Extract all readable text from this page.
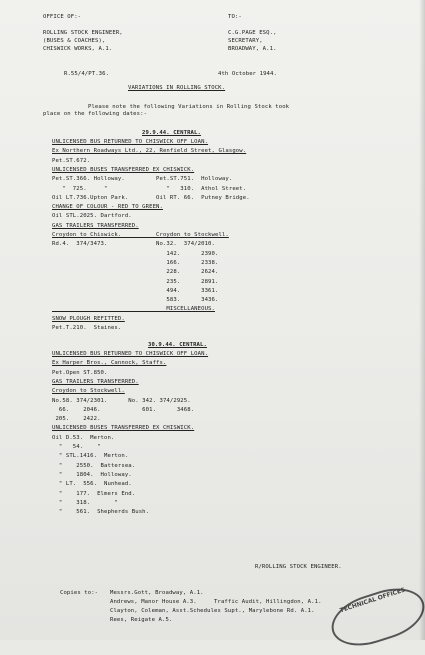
OFFICE OF:-	TO:-
ROLLING STOCK ENGINEER,
(BUSES & COACHES),
CHISWICK WORKS, A.1.
C.G.PAGE ESQ.,
SECRETARY,
BROADWAY, A.1.
R.55/4/PT.36.	4th October 1944.
VARIATIONS IN ROLLING STOCK.
Please note the following Variations in Rolling Stock took
place on the following dates:-
29.9.44. CENTRAL.
UNLICENSED BUS RETURNED TO CHISWICK OFF LOAN.
Ex Northern Roadways Ltd., 22, Renfield Street, Glasgow.
Pet.ST.672.
UNLICENSED BUSES TRANSFERRED EX CHISWICK.
Pet.ST.366. Holloway.         Pet.ST.751.  Holloway.
"  725.     "                 "   310.  Athol Street.
Oil LT.736.Upton Park.        Oil RT. 66.  Putney Bridge.
CHANGE OF COLOUR - RED TO GREEN.
Oil STL.2025. Dartford.
GAS TRAILERS TRANSFERRED.
Croydon to Chiswick.          Croydon to Stockwell.
Rd.4.  374/3473.              No.32.  374/2010.
142.      2390.
166.      2338.
228.      2624.
235.      2891.
494.      3361.
583.      3436.
MISCELLANEOUS.
SNOW PLOUGH REFITTED.
Pet.T.210.  Staines.
30.9.44. CENTRAL.
UNLICENSED BUS RETURNED TO CHISWICK OFF LOAN.
Ex Harper Bros., Cannock, Staffs.
Pet.Open ST.850.
GAS TRAILERS TRANSFERRED.
Croydon to Stockwell.
No.58. 374/2301.      No. 342. 374/2925.
66.    2046.            601.      3468.
205.    2422.
UNLICENSED BUSES TRANSFERRED EX CHISWICK.
Oil D.53.  Merton.
"   54.    "
" STL.1416.  Merton.
"    2550.  Battersea.
"    1804.  Holloway.
" LT.  556.  Nunhead.
"    177.  Elmers End.
"    318.       "
"    561.  Shepherds Bush.
R/ROLLING STOCK ENGINEER.
Copies to:- Messrs.Gott, Broadway, A.1.
Andrews, Manor House A.3.     Traffic Audit, Hillingdon, A.1.
Clayton, Coleman, Asst.Schedules Supt., Marylebone Rd. A.1.
Rees, Reigate A.5.
TECHNICAL OFFICES
